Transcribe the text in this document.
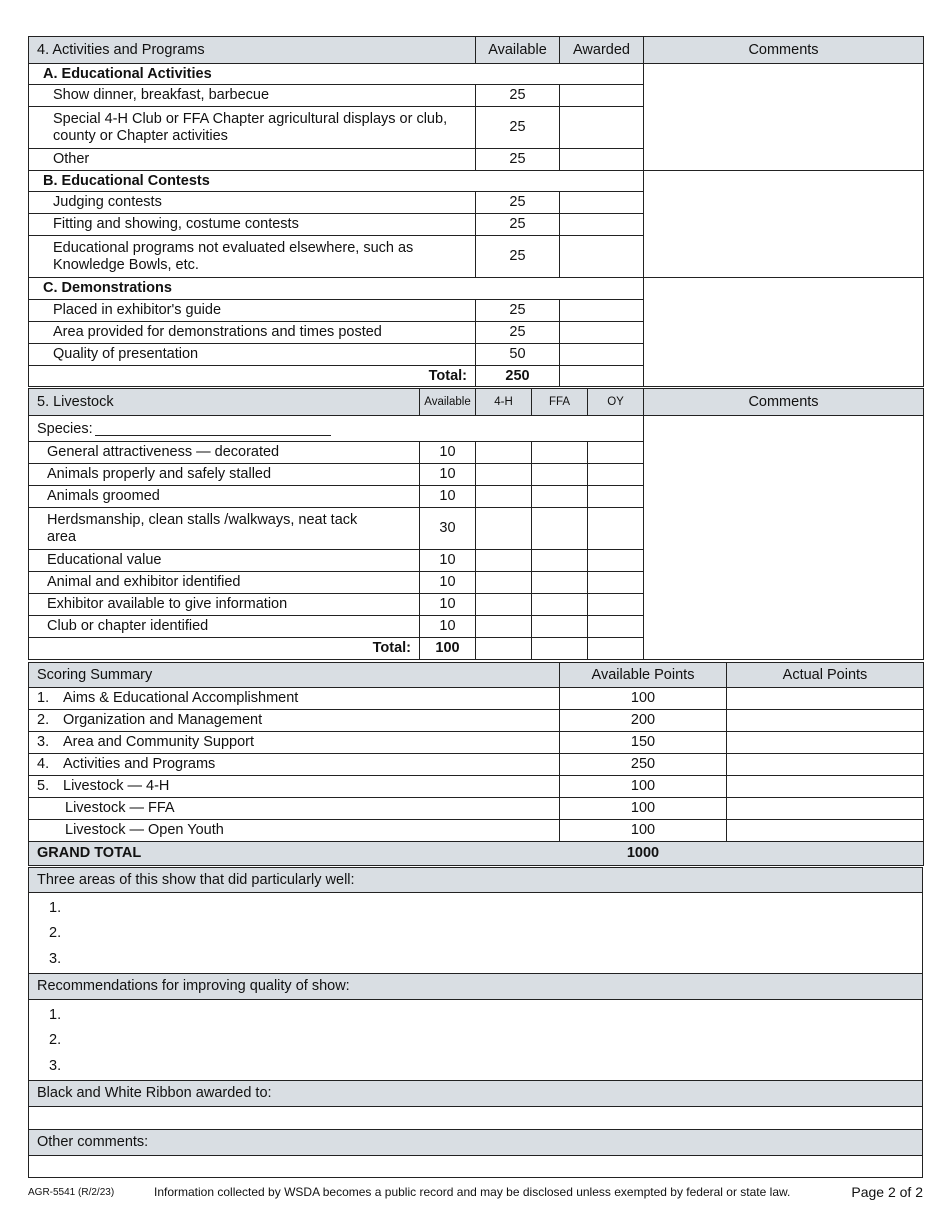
4. Activities and Programs	Available	Awarded	Comments
A. Educational Activities			
Show dinner, breakfast, barbecue	25		
Special 4-H Club or FFA Chapter agricultural displays or club, county or Chapter activities	25		
Other	25		
B. Educational Contests			
Judging contests	25		
Fitting and showing, costume contests	25		
Educational programs not evaluated elsewhere, such as Knowledge Bowls, etc.	25		
C. Demonstrations			
Placed in exhibitor's guide	25		
Area provided for demonstrations and times posted	25		
Quality of presentation	50		
Total:	250		
5. Livestock	Available	4-H	FFA	OY	Comments
Species:					
General attractiveness — decorated	10				
Animals properly and safely stalled	10				
Animals groomed	10				
Herdsmanship, clean stalls /walkways, neat tack area	30				
Educational value	10				
Animal and exhibitor identified	10				
Exhibitor available to give information	10				
Club or chapter identified	10				
Total:	100				
Scoring Summary	Available Points	Actual Points
1. Aims & Educational Accomplishment	100	
2. Organization and Management	200	
3. Area and Community Support	150	
4. Activities and Programs	250	
5. Livestock — 4-H	100	
Livestock — FFA	100	
Livestock — Open Youth	100	
GRAND TOTAL	1000	
Three areas of this show that did particularly well:
1.
2.
3.
Recommendations for improving quality of show:
1.
2.
3.
Black and White Ribbon awarded to:

Other comments:

AGR-5541 (R/2/23)	Information collected by WSDA becomes a public record and may be disclosed unless exempted by federal or state law.	Page 2 of 2
